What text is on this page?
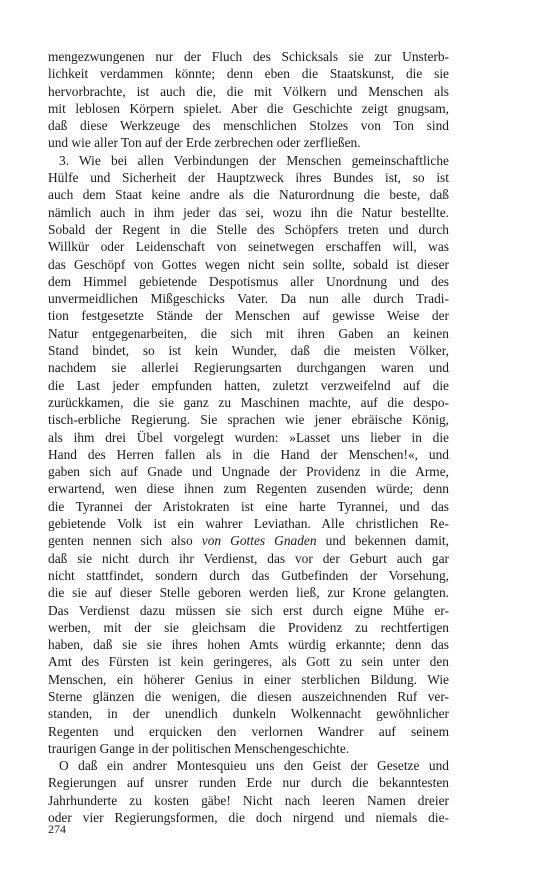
mengezwungenen nur der Fluch des Schicksals sie zur Unsterb-
lichkeit verdammen könnte; denn eben die Staatskunst, die sie
hervorbrachte, ist auch die, die mit Völkern und Menschen als
mit leblosen Körpern spielet. Aber die Geschichte zeigt gnugsam,
daß diese Werkzeuge des menschlichen Stolzes von Ton sind
und wie aller Ton auf der Erde zerbrechen oder zerfließen.
3. Wie bei allen Verbindungen der Menschen gemeinschaftliche
Hülfe und Sicherheit der Hauptzweck ihres Bundes ist, so ist
auch dem Staat keine andre als die Naturordnung die beste, daß
nämlich auch in ihm jeder das sei, wozu ihn die Natur bestellte.
Sobald der Regent in die Stelle des Schöpfers treten und durch
Willkür oder Leidenschaft von seinetwegen erschaffen will, was
das Geschöpf von Gottes wegen nicht sein sollte, sobald ist dieser
dem Himmel gebietende Despotismus aller Unordnung und des
unvermeidlichen Mißgeschicks Vater. Da nun alle durch Tradi-
tion festgesetzte Stände der Menschen auf gewisse Weise der
Natur entgegenarbeiten, die sich mit ihren Gaben an keinen
Stand bindet, so ist kein Wunder, daß die meisten Völker,
nachdem sie allerlei Regierungsarten durchgangen waren und
die Last jeder empfunden hatten, zuletzt verzweifelnd auf die
zurückkamen, die sie ganz zu Maschinen machte, auf die despo-
tisch-erbliche Regierung. Sie sprachen wie jener ebräische König,
als ihm drei Übel vorgelegt wurden: »Lasset uns lieber in die
Hand des Herren fallen als in die Hand der Menschen!«, und
gaben sich auf Gnade und Ungnade der Providenz in die Arme,
erwartend, wen diese ihnen zum Regenten zusenden würde; denn
die Tyrannei der Aristokraten ist eine harte Tyrannei, und das
gebietende Volk ist ein wahrer Leviathan. Alle christlichen Re-
genten nennen sich also von Gottes Gnaden und bekennen damit,
daß sie nicht durch ihr Verdienst, das vor der Geburt auch gar
nicht stattfindet, sondern durch das Gutbefinden der Vorsehung,
die sie auf dieser Stelle geboren werden ließ, zur Krone gelangten.
Das Verdienst dazu müssen sie sich erst durch eigne Mühe er-
werben, mit der sie gleichsam die Providenz zu rechtfertigen
haben, daß sie sie ihres hohen Amts würdig erkannte; denn das
Amt des Fürsten ist kein geringeres, als Gott zu sein unter den
Menschen, ein höherer Genius in einer sterblichen Bildung. Wie
Sterne glänzen die wenigen, die diesen auszeichnenden Ruf ver-
standen, in der unendlich dunkeln Wolkennacht gewöhnlicher
Regenten und erquicken den verlornen Wandrer auf seinem
traurigen Gange in der politischen Menschengeschichte.
O daß ein andrer Montesquieu uns den Geist der Gesetze und
Regierungen auf unsrer runden Erde nur durch die bekanntesten
Jahrhunderte zu kosten gäbe! Nicht nach leeren Namen dreier
oder vier Regierungsformen, die doch nirgend und niemals die-
274
